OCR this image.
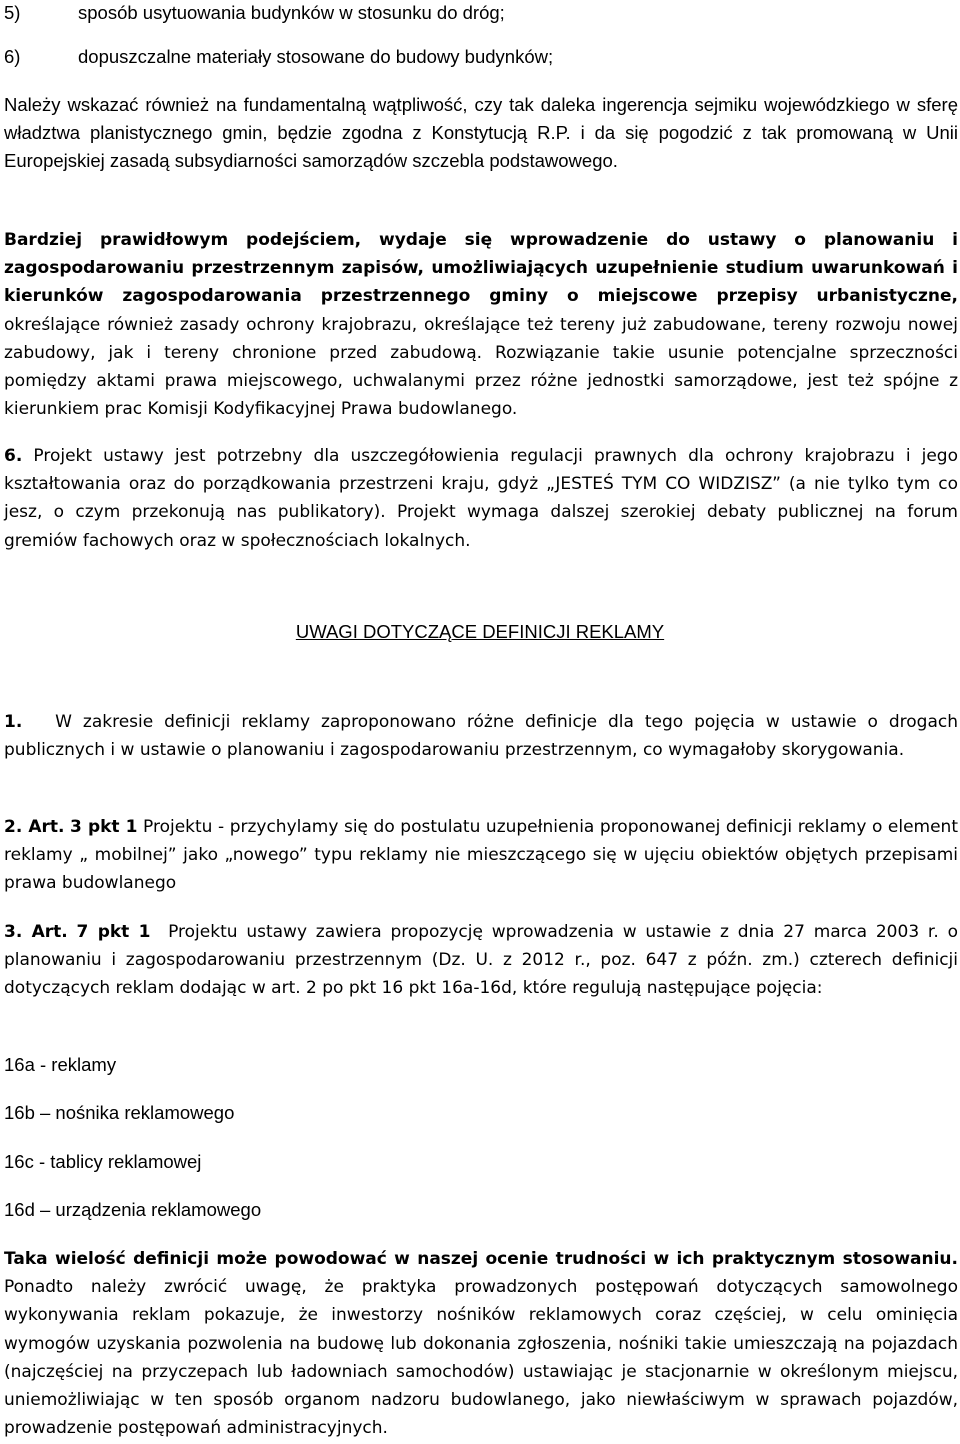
5)	sposób usytuowania budynków w stosunku do dróg;
6)	dopuszczalne materiały stosowane do budowy budynków;
Należy wskazać również na fundamentalną wątpliwość, czy tak daleka ingerencja sejmiku wojewódzkiego w sferę władztwa planistycznego gmin, będzie zgodna z Konstytucją R.P. i da się pogodzić z tak promowaną w Unii Europejskiej zasadą subsydiarności samorządów szczebla podstawowego.
Bardziej prawidłowym podejściem, wydaje się wprowadzenie do ustawy o planowaniu i zagospodarowaniu przestrzennym zapisów, umożliwiających uzupełnienie studium uwarunkowań i kierunków zagospodarowania przestrzennego gminy o miejscowe przepisy urbanistyczne, określające również zasady ochrony krajobrazu, określające też tereny już zabudowane, tereny rozwoju nowej zabudowy, jak i tereny chronione przed zabudową. Rozwiązanie takie usunie potencjalne sprzeczności pomiędzy aktami prawa miejscowego, uchwalanymi przez różne jednostki samorządowe, jest też spójne z kierunkiem prac Komisji Kodyfikacyjnej Prawa budowlanego.
6. Projekt ustawy jest potrzebny dla uszczegółowienia regulacji prawnych dla ochrony krajobrazu i jego kształtowania oraz do porządkowania przestrzeni kraju, gdyż „JESTEŚ TYM CO WIDZISZ” (a nie tylko tym co jesz, o czym przekonują nas publikatory). Projekt wymaga dalszej szerokiej debaty publicznej na forum gremiów fachowych oraz w społecznościach lokalnych.
UWAGI DOTYCZĄCE DEFINICJI REKLAMY
1. W zakresie definicji reklamy zaproponowano różne definicje dla tego pojęcia w ustawie o drogach publicznych i w ustawie o planowaniu i zagospodarowaniu przestrzennym, co wymagałoby skorygowania.
2. Art. 3 pkt 1 Projektu - przychylamy się do postulatu uzupełnienia proponowanej definicji reklamy o element reklamy „ mobilnej” jako „nowego” typu reklamy nie mieszczącego się w ujęciu obiektów objętych przepisami prawa budowlanego
3. Art. 7 pkt 1 Projektu ustawy zawiera propozycję wprowadzenia w ustawie z dnia 27 marca 2003 r. o planowaniu i zagospodarowaniu przestrzennym (Dz. U. z 2012 r., poz. 647 z późn. zm.) czterech definicji dotyczących reklam dodając w art. 2 po pkt 16 pkt 16a-16d, które regulują następujące pojęcia:
16a - reklamy
16b – nośnika reklamowego
16c - tablicy reklamowej
16d – urządzenia reklamowego
Taka wielość definicji może powodować w naszej ocenie trudności w ich praktycznym stosowaniu. Ponadto należy zwrócić uwagę, że praktyka prowadzonych postępowań dotyczących samowolnego wykonywania reklam pokazuje, że inwestorzy nośników reklamowych coraz częściej, w celu ominięcia wymogów uzyskania pozwolenia na budowę lub dokonania zgłoszenia, nośniki takie umieszczają na pojazdach (najczęściej na przyczepach lub ładowniach samochodów) ustawiając je stacjonarnie w określonym miejscu, uniemożliwiając w ten sposób organom nadzoru budowlanego, jako niewłaściwym w sprawach pojazdów, prowadzenie postępowań administracyjnych.
